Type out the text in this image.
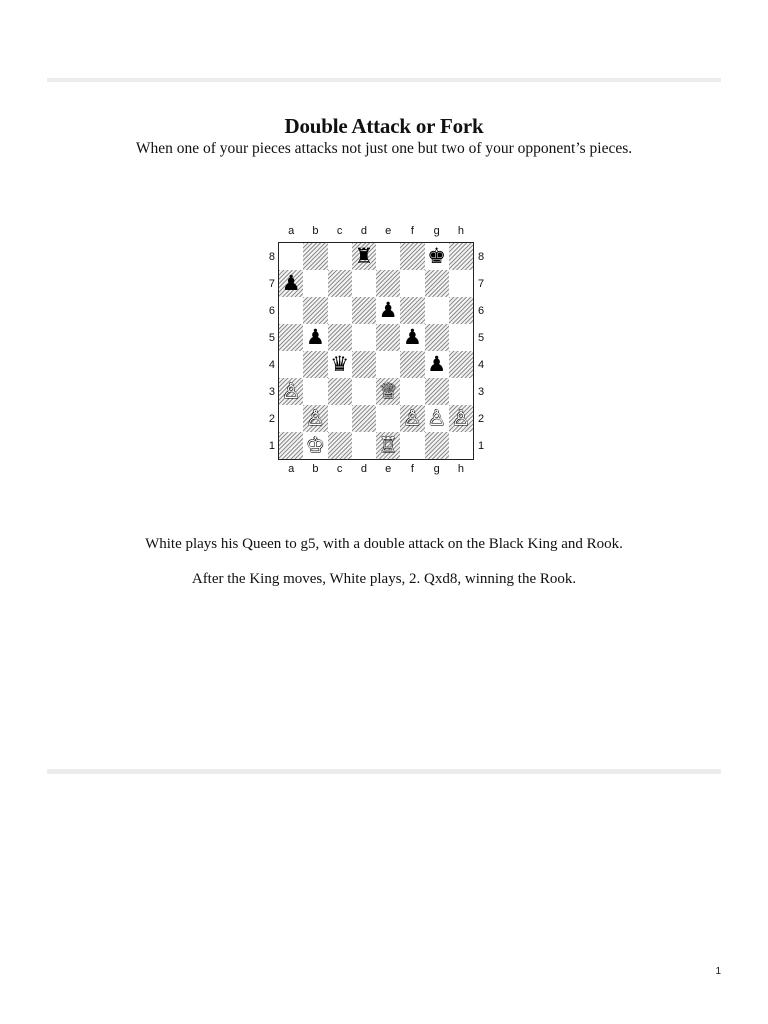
Double Attack or Fork
When one of your pieces attacks not just one but two of your opponent’s pieces.
a	b	c	d	e	f	g	h
a	b	c	d	e	f	g	h
8
7
6
5
4
3
2
1
8
7
6
5
4
3
2
1
♜	♚
♟
♟
♟	♟
♛	♟
♙	♕
♙	♙ ♙ ♙
♔	♖
White plays his Queen to g5, with a double attack on the Black King and Rook.
After the King moves, White plays, 2. Qxd8, winning the Rook.
1
